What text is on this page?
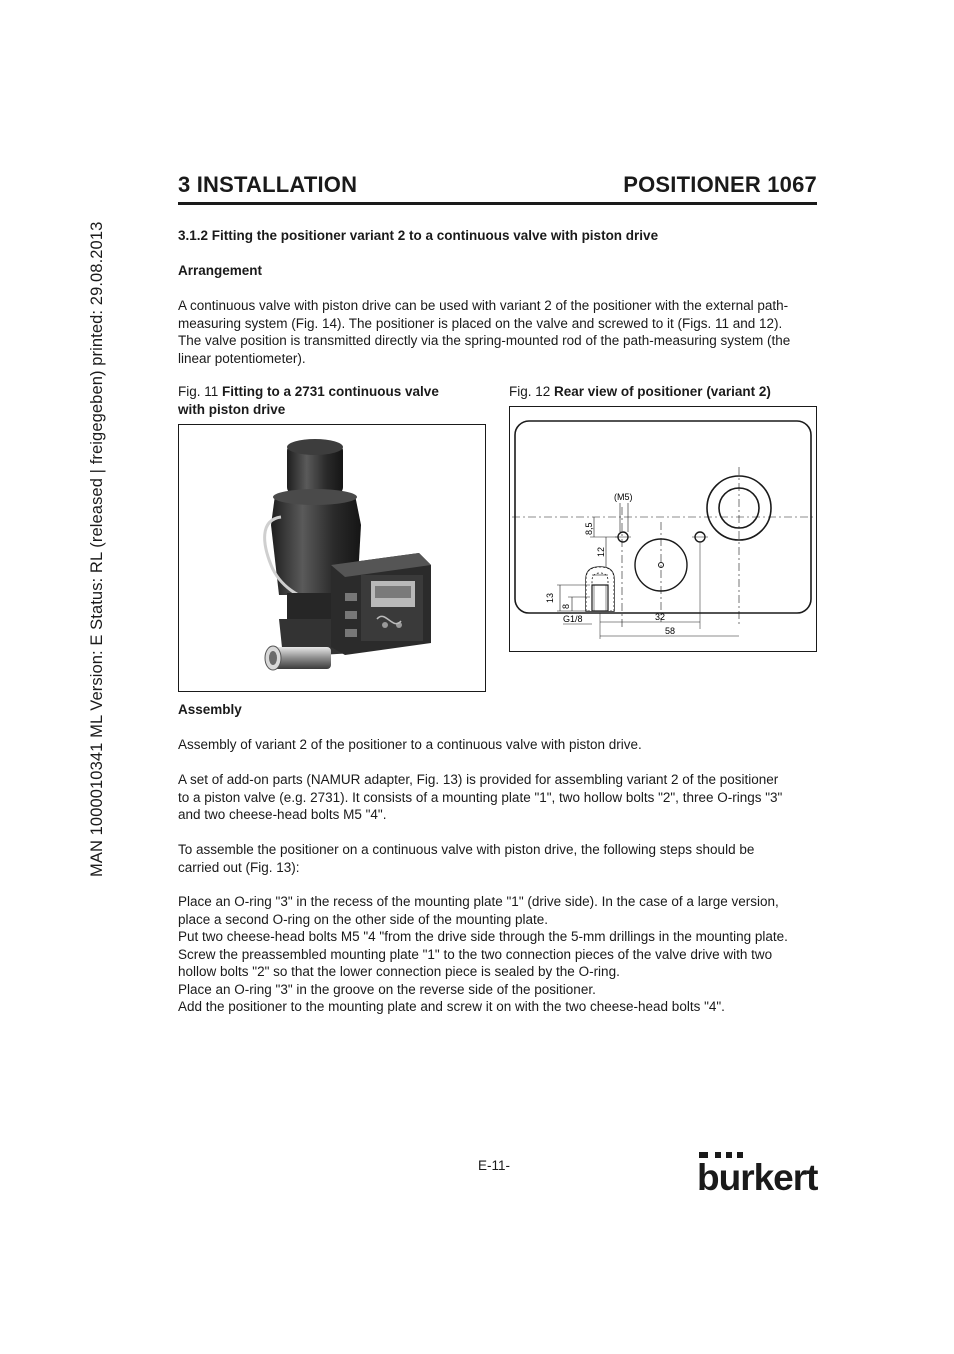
MAN 1000010341 ML Version: E Status: RL (released | freigegeben) printed: 29.08.2013
3 INSTALLATION	POSITIONER 1067
3.1.2 Fitting the positioner variant 2 to a continuous valve with piston drive
Arrangement

A continuous valve with piston drive can be used with variant 2 of the positioner with the external path-

measuring system (Fig. 14). The positioner is placed on the valve and screwed to it (Figs. 11 and 12).

The valve position is transmitted directly via the spring-mounted rod of the path-measuring system (the

linear potentiometer).

Fig. 11 Fitting to a 2731 continuous valve
with piston drive
Fig. 12 Rear view of positioner (variant 2)
(M5)
8,5
12
13
8
G1/8	32
58
Assembly
Assembly of variant 2 of the positioner to a continuous valve with piston drive.

A set of add-on parts (NAMUR adapter, Fig. 13) is provided for assembling variant 2 of the positioner

to a piston valve (e.g. 2731). It consists of a mounting plate "1", two hollow bolts "2", three O-rings "3"

and two cheese-head bolts M5 "4".

To assemble the positioner on a continuous valve with piston drive, the following steps should be

carried out (Fig. 13):

Place an O-ring "3" in the recess of the mounting plate "1" (drive side). In the case of a large version,

place a second O-ring on the other side of the mounting plate.

Put two cheese-head bolts M5 "4 "from the drive side through the 5-mm drillings in the mounting plate.

Screw the preassembled mounting plate "1" to the two connection pieces of the valve drive with two

hollow bolts "2" so that the lower connection piece is sealed by the O-ring.

Place an O-ring "3" in the groove on the reverse side of the positioner.

Add the positioner to the mounting plate and screw it on with the two cheese-head bolts "4".

E-11-	burkert
